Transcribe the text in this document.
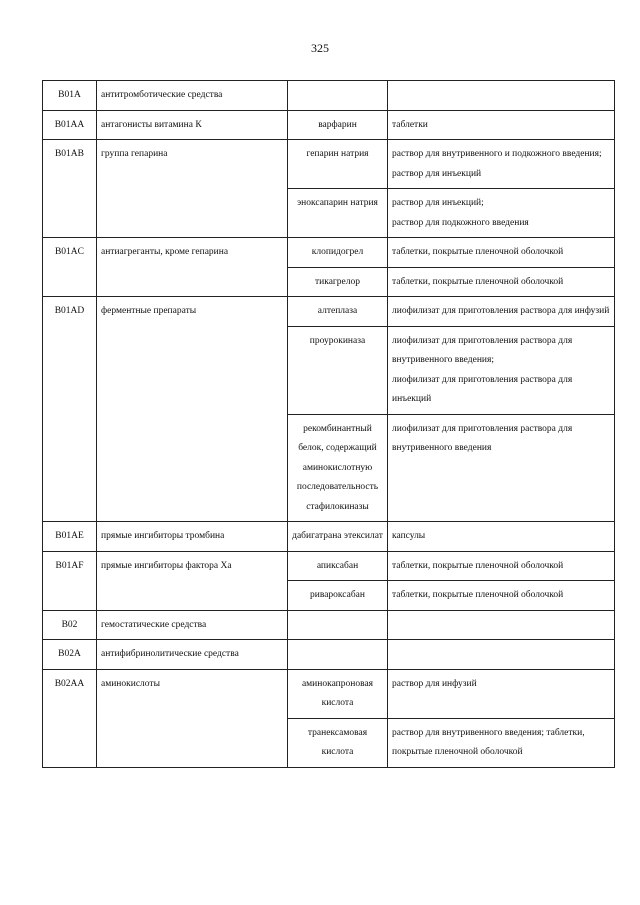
325
B01A	антитромботические средства	

B01AA	антагонисты витамина К	варфарин	таблетки

B01AB	группа гепарина	гепарин натрия	раствор для внутривенного и подкожного введения;
раствор для инъекций

		эноксапарин натрия	раствор для инъекций;
раствор для подкожного введения

B01AC	антиагреганты, кроме гепарина	клопидогрел	таблетки, покрытые пленочной оболочкой

		тикагрелор	таблетки, покрытые пленочной оболочкой

B01AD	ферментные препараты	алтеплаза	лиофилизат для приготовления раствора для инфузий

		проурокиназа	лиофилизат для приготовления раствора для внутривенного введения;
лиофилизат для приготовления раствора для инъекций

		рекомбинантный белок, содержащий аминокислотную последовательность стафилокиназы	лиофилизат для приготовления раствора для внутривенного введения

B01AE	прямые ингибиторы тромбина	дабигатрана этексилат	капсулы

B01AF	прямые ингибиторы фактора Ха	апиксабан	таблетки, покрытые пленочной оболочкой

		ривароксабан	таблетки, покрытые пленочной оболочкой

B02	гемостатические средства	

B02A	антифибринолитические средства	

B02AA	аминокислоты	аминокапроновая кислота	раствор для инфузий

		транексамовая кислота	раствор для внутривенного введения; таблетки, покрытые пленочной оболочкой
